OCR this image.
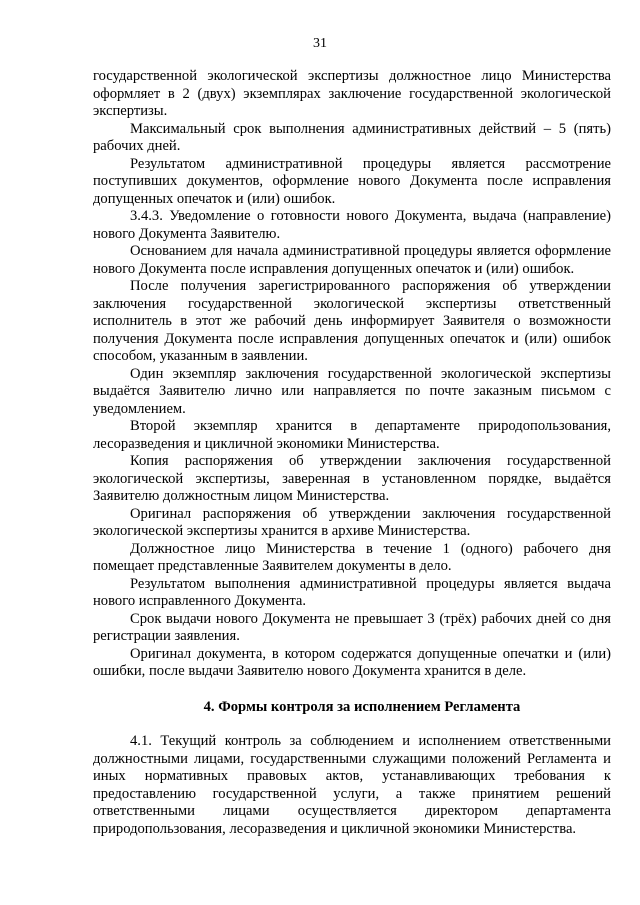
31

государственной экологической экспертизы должностное лицо Министерства оформляет в 2 (двух) экземплярах заключение государственной экологической экспертизы.

Максимальный срок выполнения административных действий – 5 (пять) рабочих дней.

Результатом административной процедуры является рассмотрение поступивших документов, оформление нового Документа после исправления допущенных опечаток и (или) ошибок.

3.4.3. Уведомление о готовности нового Документа, выдача (направление) нового Документа Заявителю.

Основанием для начала административной процедуры является оформление нового Документа после исправления допущенных опечаток и (или) ошибок.

После получения зарегистрированного распоряжения об утверждении заключения государственной экологической экспертизы ответственный исполнитель в этот же рабочий день информирует Заявителя о возможности получения Документа после исправления допущенных опечаток и (или) ошибок способом, указанным в заявлении.

Один экземпляр заключения государственной экологической экспертизы выдаётся Заявителю лично или направляется по почте заказным письмом с уведомлением.

Второй экземпляр хранится в департаменте природопользования, лесоразведения и цикличной экономики Министерства.

Копия распоряжения об утверждении заключения государственной экологической экспертизы, заверенная в установленном порядке, выдаётся Заявителю должностным лицом Министерства.

Оригинал распоряжения об утверждении заключения государственной экологической экспертизы хранится в архиве Министерства.

Должностное лицо Министерства в течение 1 (одного) рабочего дня помещает представленные Заявителем документы в дело.

Результатом выполнения административной процедуры является выдача нового исправленного Документа.

Срок выдачи нового Документа не превышает 3 (трёх) рабочих дней со дня регистрации заявления.

Оригинал документа, в котором содержатся допущенные опечатки и (или) ошибки, после выдачи Заявителю нового Документа хранится в деле.

4. Формы контроля за исполнением Регламента

4.1. Текущий контроль за соблюдением и исполнением ответственными должностными лицами, государственными служащими положений Регламента и иных нормативных правовых актов, устанавливающих требования к предоставлению государственной услуги, а также принятием решений ответственными лицами осуществляется директором департамента природопользования, лесоразведения и цикличной экономики Министерства.
